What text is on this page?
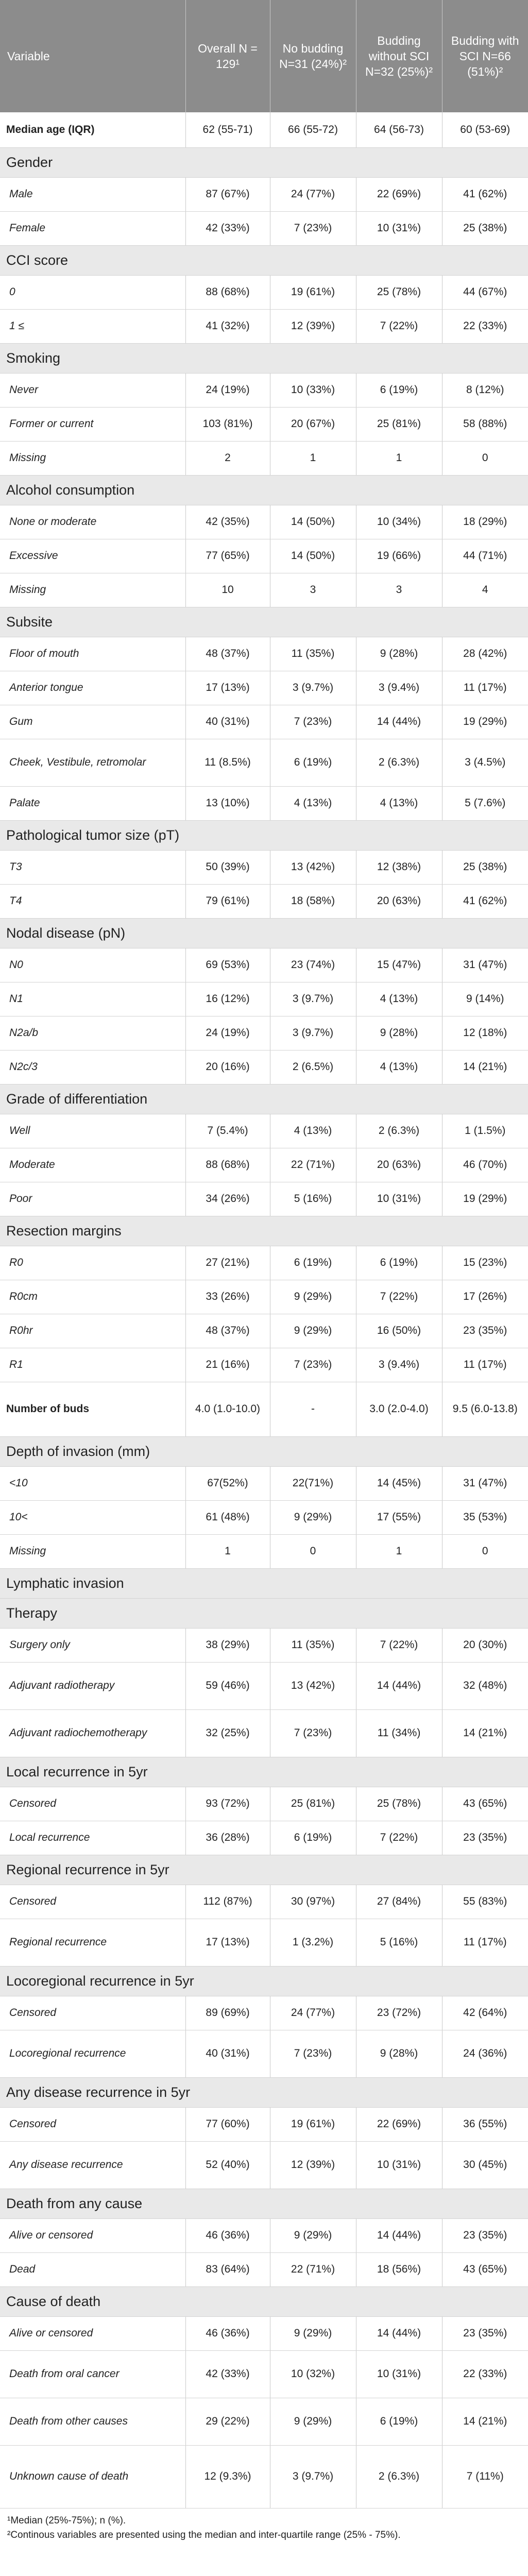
Variable	Overall N = 129¹	No budding N=31 (24%)²	Budding without SCI N=32 (25%)²	Budding with SCI N=66 (51%)²
Median age (IQR)	62 (55-71)	66 (55-72)	64 (56-73)	60 (53-69)
Gender				
Male	87 (67%)	24 (77%)	22 (69%)	41 (62%)
Female	42 (33%)	7 (23%)	10 (31%)	25 (38%)
CCI score				
0	88 (68%)	19 (61%)	25 (78%)	44 (67%)
1 ≤	41 (32%)	12 (39%)	7 (22%)	22 (33%)
Smoking				
Never	24 (19%)	10 (33%)	6 (19%)	8 (12%)
Former or current	103 (81%)	20 (67%)	25 (81%)	58 (88%)
Missing	2	1	1	0
Alcohol consumption				
None or moderate	42 (35%)	14 (50%)	10 (34%)	18 (29%)
Excessive	77 (65%)	14 (50%)	19 (66%)	44 (71%)
Missing	10	3	3	4
Subsite				
Floor of mouth	48 (37%)	11 (35%)	9 (28%)	28 (42%)
Anterior tongue	17 (13%)	3 (9.7%)	3 (9.4%)	11 (17%)
Gum	40 (31%)	7 (23%)	14 (44%)	19 (29%)
Cheek, Vestibule, retromolar	11 (8.5%)	6 (19%)	2 (6.3%)	3 (4.5%)
Palate	13 (10%)	4 (13%)	4 (13%)	5 (7.6%)
Pathological tumor size (pT)				
T3	50 (39%)	13 (42%)	12 (38%)	25 (38%)
T4	79 (61%)	18 (58%)	20 (63%)	41 (62%)
Nodal disease (pN)				
N0	69 (53%)	23 (74%)	15 (47%)	31 (47%)
N1	16 (12%)	3 (9.7%)	4 (13%)	9 (14%)
N2a/b	24 (19%)	3 (9.7%)	9 (28%)	12 (18%)
N2c/3	20 (16%)	2 (6.5%)	4 (13%)	14 (21%)
Grade of differentiation				
Well	7 (5.4%)	4 (13%)	2 (6.3%)	1 (1.5%)
Moderate	88 (68%)	22 (71%)	20 (63%)	46 (70%)
Poor	34 (26%)	5 (16%)	10 (31%)	19 (29%)
Resection margins				
R0	27 (21%)	6 (19%)	6 (19%)	15 (23%)
R0cm	33 (26%)	9 (29%)	7 (22%)	17 (26%)
R0hr	48 (37%)	9 (29%)	16 (50%)	23 (35%)
R1	21 (16%)	7 (23%)	3 (9.4%)	11 (17%)
Number of buds	4.0 (1.0-10.0)	-	3.0 (2.0-4.0)	9.5 (6.0-13.8)
Depth of invasion (mm)				
<10	67(52%)	22(71%)	14 (45%)	31 (47%)
10<	61 (48%)	9 (29%)	17 (55%)	35 (53%)
Missing	1	0	1	0
Lymphatic invasion				
Therapy				
Surgery only	38 (29%)	11 (35%)	7 (22%)	20 (30%)
Adjuvant radiotherapy	59 (46%)	13 (42%)	14 (44%)	32 (48%)
Adjuvant radiochemotherapy	32 (25%)	7 (23%)	11 (34%)	14 (21%)
Local recurrence in 5yr				
Censored	93 (72%)	25 (81%)	25 (78%)	43 (65%)
Local recurrence	36 (28%)	6 (19%)	7 (22%)	23 (35%)
Regional recurrence in 5yr				
Censored	112 (87%)	30 (97%)	27 (84%)	55 (83%)
Regional recurrence	17 (13%)	1 (3.2%)	5 (16%)	11 (17%)
Locoregional recurrence in 5yr				
Censored	89 (69%)	24 (77%)	23 (72%)	42 (64%)
Locoregional recurrence	40 (31%)	7 (23%)	9 (28%)	24 (36%)
Any disease recurrence in 5yr				
Censored	77 (60%)	19 (61%)	22 (69%)	36 (55%)
Any disease recurrence	52 (40%)	12 (39%)	10 (31%)	30 (45%)
Death from any cause				
Alive or censored	46 (36%)	9 (29%)	14 (44%)	23 (35%)
Dead	83 (64%)	22 (71%)	18 (56%)	43 (65%)
Cause of death				
Alive or censored	46 (36%)	9 (29%)	14 (44%)	23 (35%)
Death from oral cancer	42 (33%)	10 (32%)	10 (31%)	22 (33%)
Death from other causes	29 (22%)	9 (29%)	6 (19%)	14 (21%)
Unknown cause of death	12 (9.3%)	3 (9.7%)	2 (6.3%)	7 (11%)
¹Median (25%-75%); n (%).
²Continous variables are presented using the median and inter-quartile range (25% - 75%).
